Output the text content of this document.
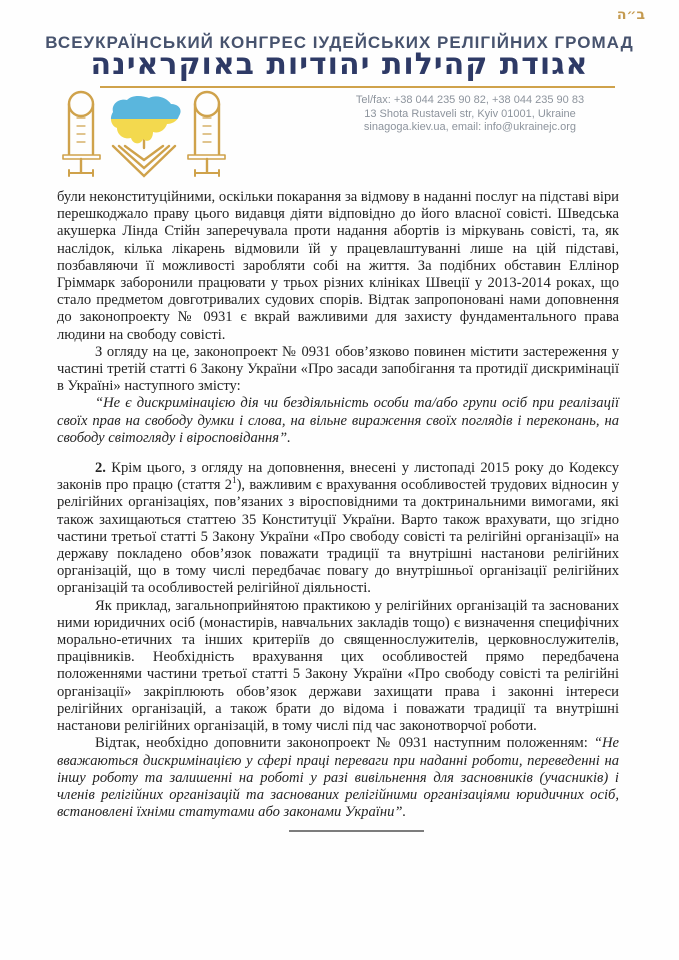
ב״ה
ВСЕУКРАЇНСЬКИЙ КОНГРЕС ІУДЕЙСЬКИХ РЕЛІГІЙНИХ ГРОМАД
אגודת קהילות יהודיות באוקראינה
Tel/fax: +38 044 235 90 82, +38 044 235 90 83
13 Shota Rustaveli str, Kyiv 01001, Ukraine
sinagoga.kiev.ua, email: info@ukrainejc.org

були неконституційними, оскільки покарання за відмову в наданні послуг на підставі віри перешкоджало праву цього видавця діяти відповідно до його власної совісті. Шведська акушерка Лінда Стійн заперечувала проти надання абортів із міркувань совісті, та, як наслідок, кілька лікарень відмовили їй у працевлаштуванні лише на цій підставі, позбавляючи її можливості заробляти собі на життя. За подібних обставин Еллінор Гріммарк заборонили працювати у трьох різних клініках Швеції у 2013-2014 роках, що стало предметом довготривалих судових спорів. Відтак запропоновані нами доповнення до законопроекту № 0931 є вкрай важливими для захисту фундаментального права людини на свободу совісті.

З огляду на це, законопроект № 0931 обов’язково повинен містити застереження у частині третій статті 6 Закону України «Про засади запобігання та протидії дискримінації в Україні» наступного змісту:

“Не є дискримінацією дія чи бездіяльність особи та/або групи осіб при реалізації своїх прав на свободу думки і слова, на вільне вираження своїх поглядів і переконань, на свободу світогляду і віросповідання”.

2. Крім цього, з огляду на доповнення, внесені у листопаді 2015 року до Кодексу законів про працю (стаття $2^1$), важливим є врахування особливостей трудових відносин у релігійних організаціях, пов’язаних з віросповідними та доктринальними вимогами, які також захищаються статтею 35 Конституції України. Варто також врахувати, що згідно частини третьої статті 5 Закону України «Про свободу совісті та релігійні організації» на державу покладено обов’язок поважати традиції та внутрішні настанови релігійних організацій, що в тому числі передбачає повагу до внутрішньої організації релігійних організацій та особливостей релігійної діяльності.

Як приклад, загальноприйнятою практикою у релігійних організацій та заснованих ними юридичних осіб (монастирів, навчальних закладів тощо) є визначення специфічних морально-етичних та інших критеріїв до священнослужителів, церковнослужителів, працівників. Необхідність врахування цих особливостей прямо передбачена положеннями частини третьої статті 5 Закону України «Про свободу совісті та релігійні організації» закріплюють обов’язок держави захищати права і законні інтереси релігійних організацій, а також брати до відома і поважати традиції та внутрішні настанови релігійних організацій, в тому числі під час законотворчої роботи.

Відтак, необхідно доповнити законопроект № 0931 наступним положенням: “Не вважаються дискримінацією у сфері праці переваги при наданні роботи, переведенні на іншу роботу та залишенні на роботі у разі вивільнення для засновників (учасників) і членів релігійних організацій та заснованих релігійними організаціями юридичних осіб, встановлені їхніми статутами або законами України”.
